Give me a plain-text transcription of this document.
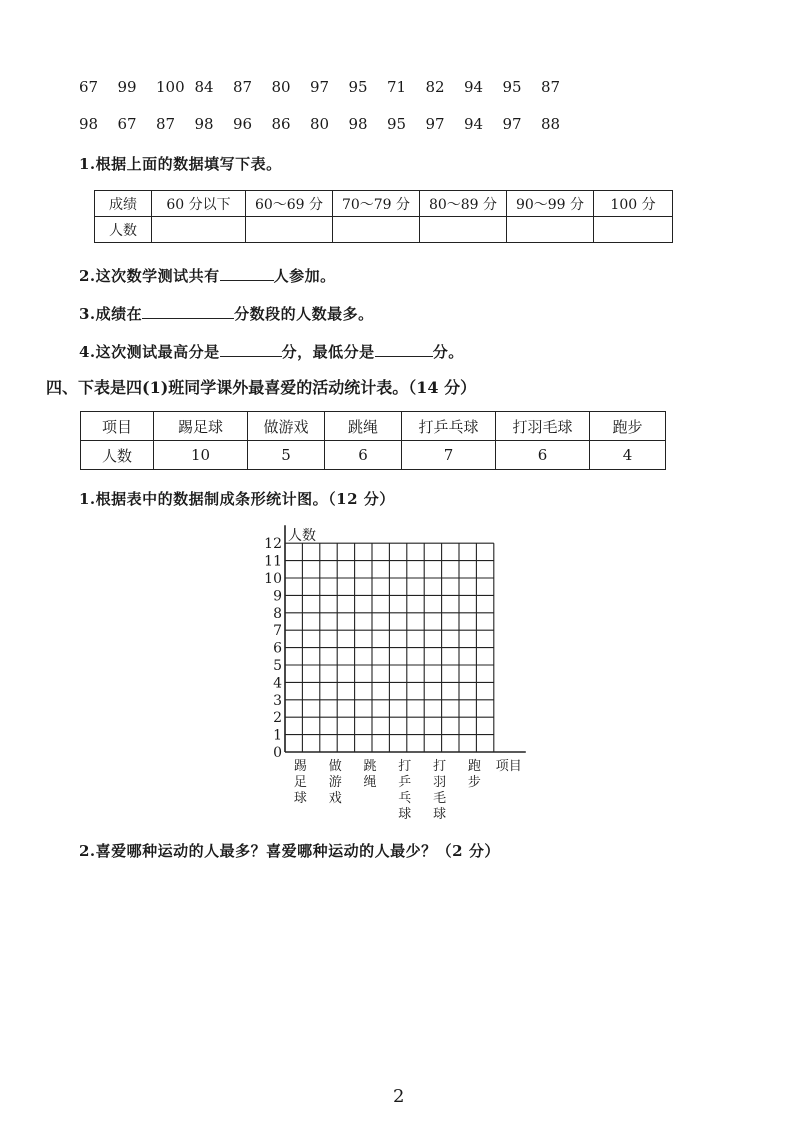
67 99 100 84 87 80 97 95 71 82 94 95 87
98 67 87 98 96 86 80 98 95 97 94 97 88
1.根据上面的数据填写下表。
成绩	60 分以下	60～69 分	70～79 分	80～89 分	90～99 分	100 分
人数						
2.这次数学测试共有	人参加。
3.成绩在	分数段的人数最多。
4.这次测试最高分是	分，最低分是	分。
四、下表是四(1)班同学课外最喜爱的活动统计表。（14 分）
项目	踢足球	做游戏	跳绳	打乒乓球	打羽毛球	跑步
人数	10	5	6	7	6	4
1.根据表中的数据制成条形统计图。（12 分）
0
1
2
3
4
5
6
7
8
9
10
11
12 人数
踢足球
做游戏
跳绳
打乒乓球
打羽毛球
跑步
项目
2.喜爱哪种运动的人最多？喜爱哪种运动的人最少？（2 分）
2
